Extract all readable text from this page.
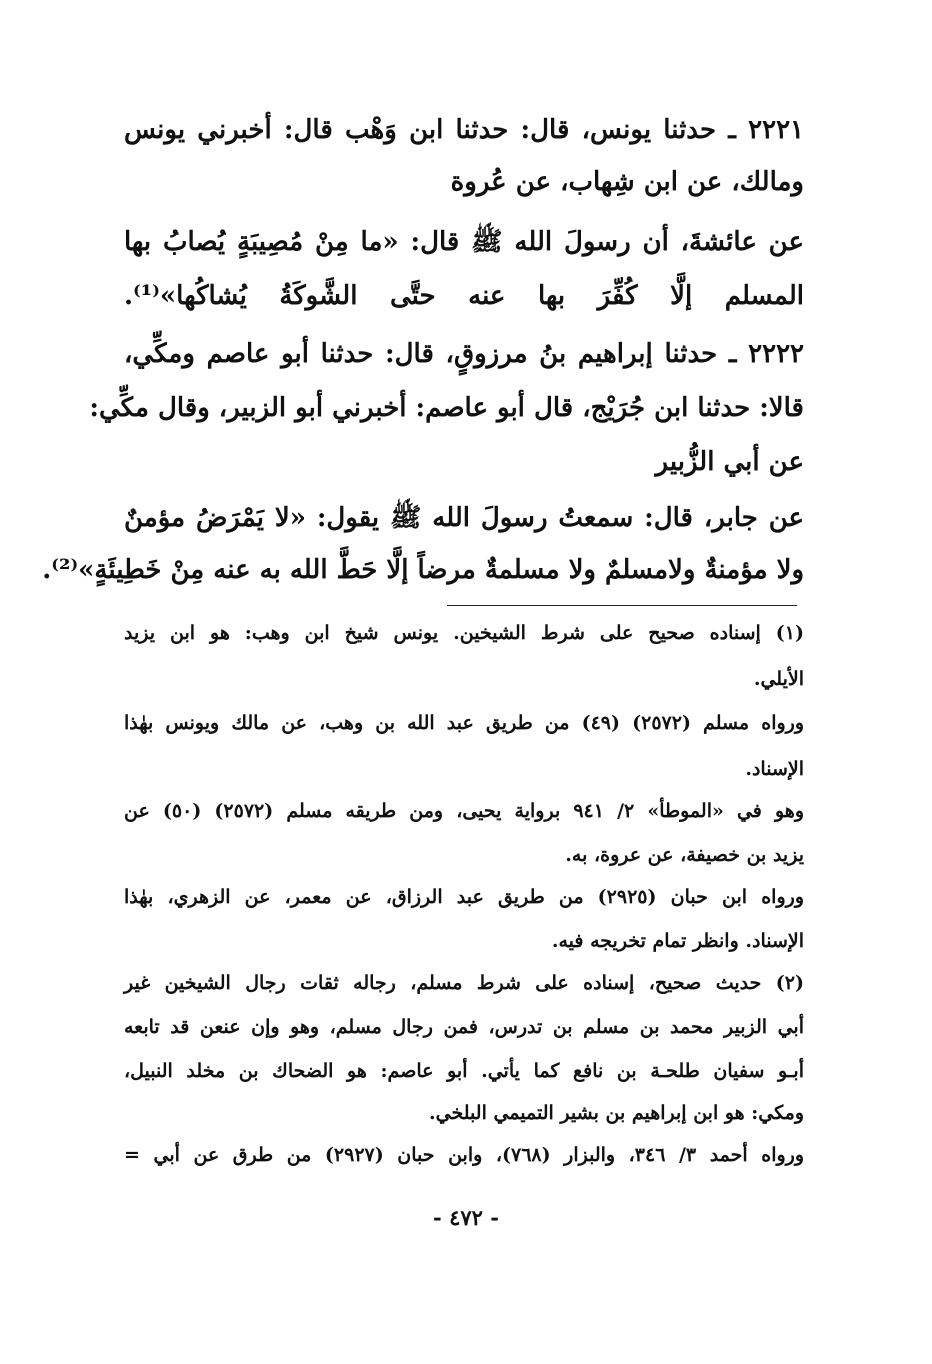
٢٢٢١ ـ حدثنا يونس، قال: حدثنا ابن وَهْب قال: أخبرني يونس
ومالك، عن ابن شِهاب، عن عُروة
عن عائشةَ، أن رسولَ الله ﷺ قال: «ما مِنْ مُصِيبَةٍ يُصابُ بها
المسلم إلَّا كُفِّرَ بها عنه حتَّى الشَّوكَةُ يُشاكُها»⁽¹⁾.
٢٢٢٢ ـ حدثنا إبراهيم بنُ مرزوقٍ، قال: حدثنا أبو عاصم ومكِّي،
قالا: حدثنا ابن جُرَيْج، قال أبو عاصم: أخبرني أبو الزبير، وقال مكِّي:
عن أبي الزُّبير
عن جابر، قال: سمعتُ رسولَ الله ﷺ يقول: «لا يَمْرَضُ مؤمنٌ
ولا مؤمنةٌ ولامسلمٌ ولا مسلمةٌ مرضاً إلَّا حَطَّ الله به عنه مِنْ خَطِيئَةٍ»⁽²⁾.
(١) إسناده صحيح على شرط الشيخين. يونس شيخ ابن وهب: هو ابن يزيد
الأيلي.
ورواه مسلم (٢٥٧٢) (٤٩) من طريق عبد الله بن وهب، عن مالك ويونس بهٰذا
الإسناد.
وهو في «الموطأ» ٢/ ٩٤١ برواية يحيى، ومن طريقه مسلم (٢٥٧٢) (٥٠) عن
يزيد بن خصيفة، عن عروة، به.
ورواه ابن حبان (٢٩٢٥) من طريق عبد الرزاق، عن معمر، عن الزهري، بهٰذا
الإسناد. وانظر تمام تخريجه فيه.
(٢) حديث صحيح، إسناده على شرط مسلم، رجاله ثقات رجال الشيخين غير
أبي الزبير محمد بن مسلم بن تدرس، فمن رجال مسلم، وهو وإن عنعن قد تابعه
أبـو سفيان طلحـة بن نافع كما يأتي. أبو عاصم: هو الضحاك بن مخلد النبيل،
ومكي: هو ابن إبراهيم بن بشير التميمي البلخي.
ورواه أحمد ٣/ ٣٤٦، والبزار (٧٦٨)، وابن حبان (٢٩٢٧) من طرق عن أبي =
- ٤٧٢ -
